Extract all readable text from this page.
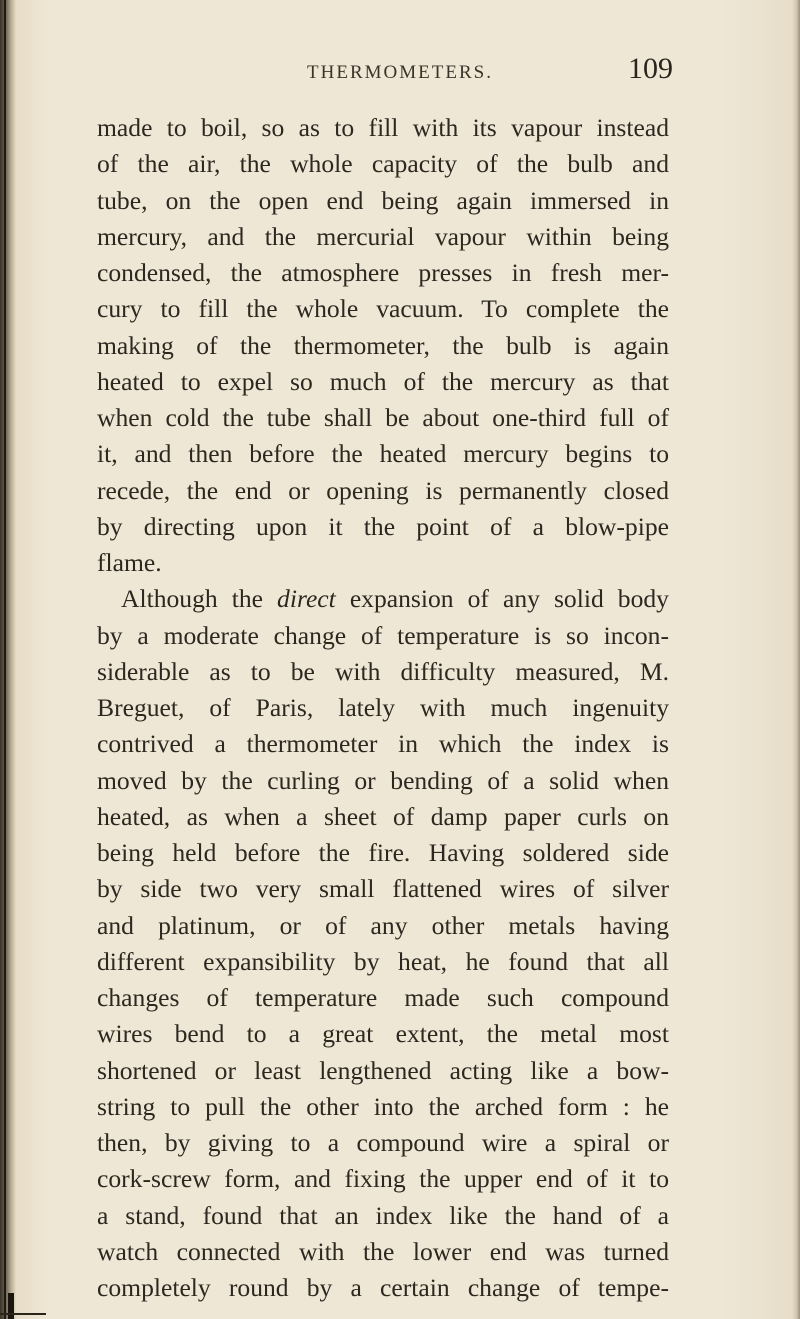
THERMOMETERS.	109
made to boil, so as to fill with its vapour instead
of the air, the whole capacity of the bulb and
tube, on the open end being again immersed in
mercury, and the mercurial vapour within being
condensed, the atmosphere presses in fresh mer-
cury to fill the whole vacuum. To complete the
making of the thermometer, the bulb is again
heated to expel so much of the mercury as that
when cold the tube shall be about one-third full of
it, and then before the heated mercury begins to
recede, the end or opening is permanently closed
by directing upon it the point of a blow-pipe
flame.
Although the direct expansion of any solid body
by a moderate change of temperature is so incon-
siderable as to be with difficulty measured, M.
Breguet, of Paris, lately with much ingenuity
contrived a thermometer in which the index is
moved by the curling or bending of a solid when
heated, as when a sheet of damp paper curls on
being held before the fire. Having soldered side
by side two very small flattened wires of silver
and platinum, or of any other metals having
different expansibility by heat, he found that all
changes of temperature made such compound
wires bend to a great extent, the metal most
shortened or least lengthened acting like a bow-
string to pull the other into the arched form : he
then, by giving to a compound wire a spiral or
cork-screw form, and fixing the upper end of it to
a stand, found that an index like the hand of a
watch connected with the lower end was turned
completely round by a certain change of tempe-
